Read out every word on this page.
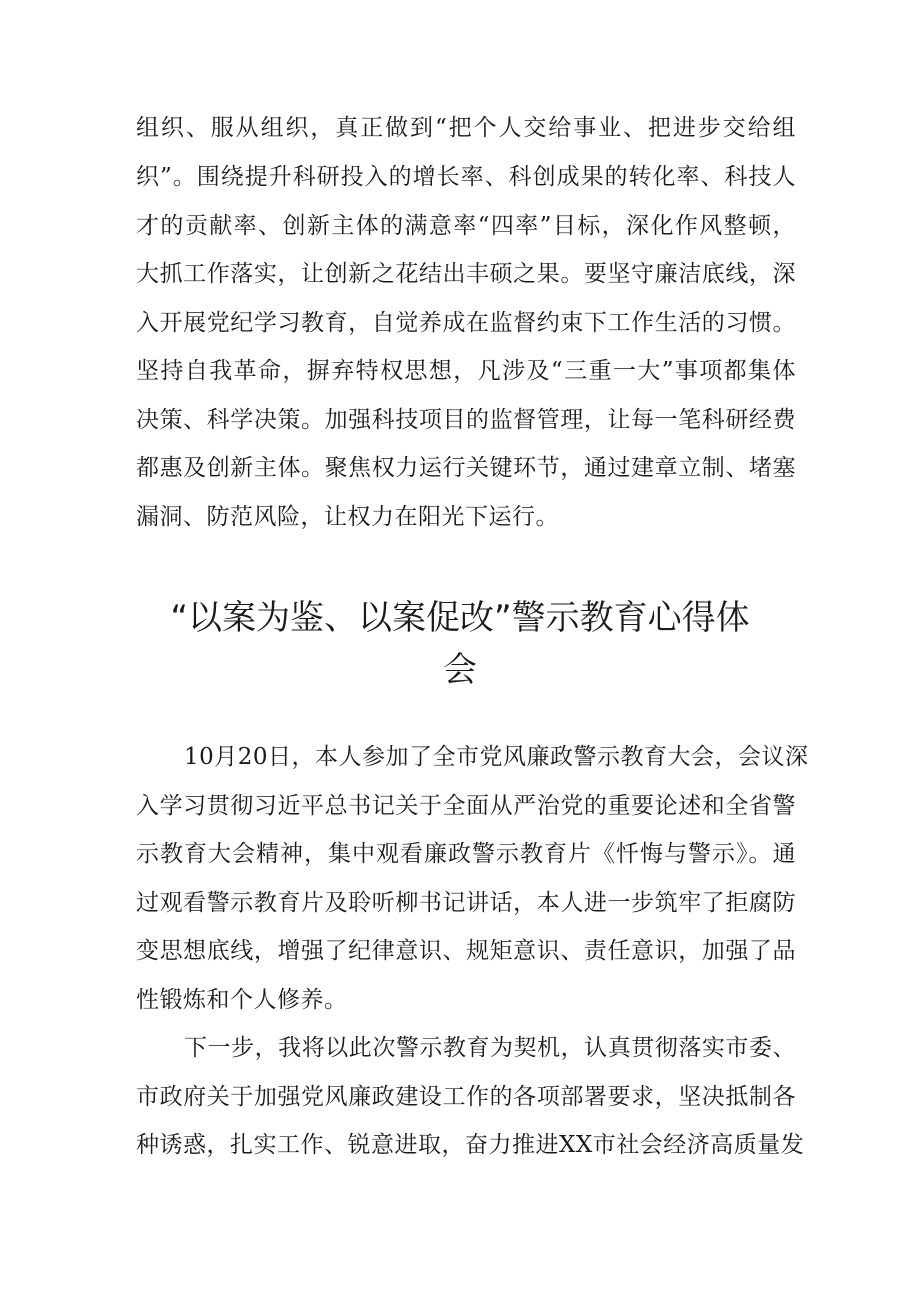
组织、服从组织，真正做到“把个人交给事业、把进步交给组
织”。围绕提升科研投入的增长率、科创成果的转化率、科技人
才的贡献率、创新主体的满意率“四率”目标，深化作风整顿，
大抓工作落实，让创新之花结出丰硕之果。要坚守廉洁底线，深
入开展党纪学习教育，自觉养成在监督约束下工作生活的习惯。
坚持自我革命，摒弃特权思想，凡涉及“三重一大”事项都集体
决策、科学决策。加强科技项目的监督管理，让每一笔科研经费
都惠及创新主体。聚焦权力运行关键环节，通过建章立制、堵塞
漏洞、防范风险，让权力在阳光下运行。
“以案为鉴、以案促改”警示教育心得体
会
10月20日，本人参加了全市党风廉政警示教育大会，会议深
入学习贯彻习近平总书记关于全面从严治党的重要论述和全省警
示教育大会精神，集中观看廉政警示教育片《忏悔与警示》。通
过观看警示教育片及聆听柳书记讲话，本人进一步筑牢了拒腐防
变思想底线，增强了纪律意识、规矩意识、责任意识，加强了品
性锻炼和个人修养。
下一步，我将以此次警示教育为契机，认真贯彻落实市委、
市政府关于加强党风廉政建设工作的各项部署要求，坚决抵制各
种诱惑，扎实工作、锐意进取，奋力推进XX市社会经济高质量发
